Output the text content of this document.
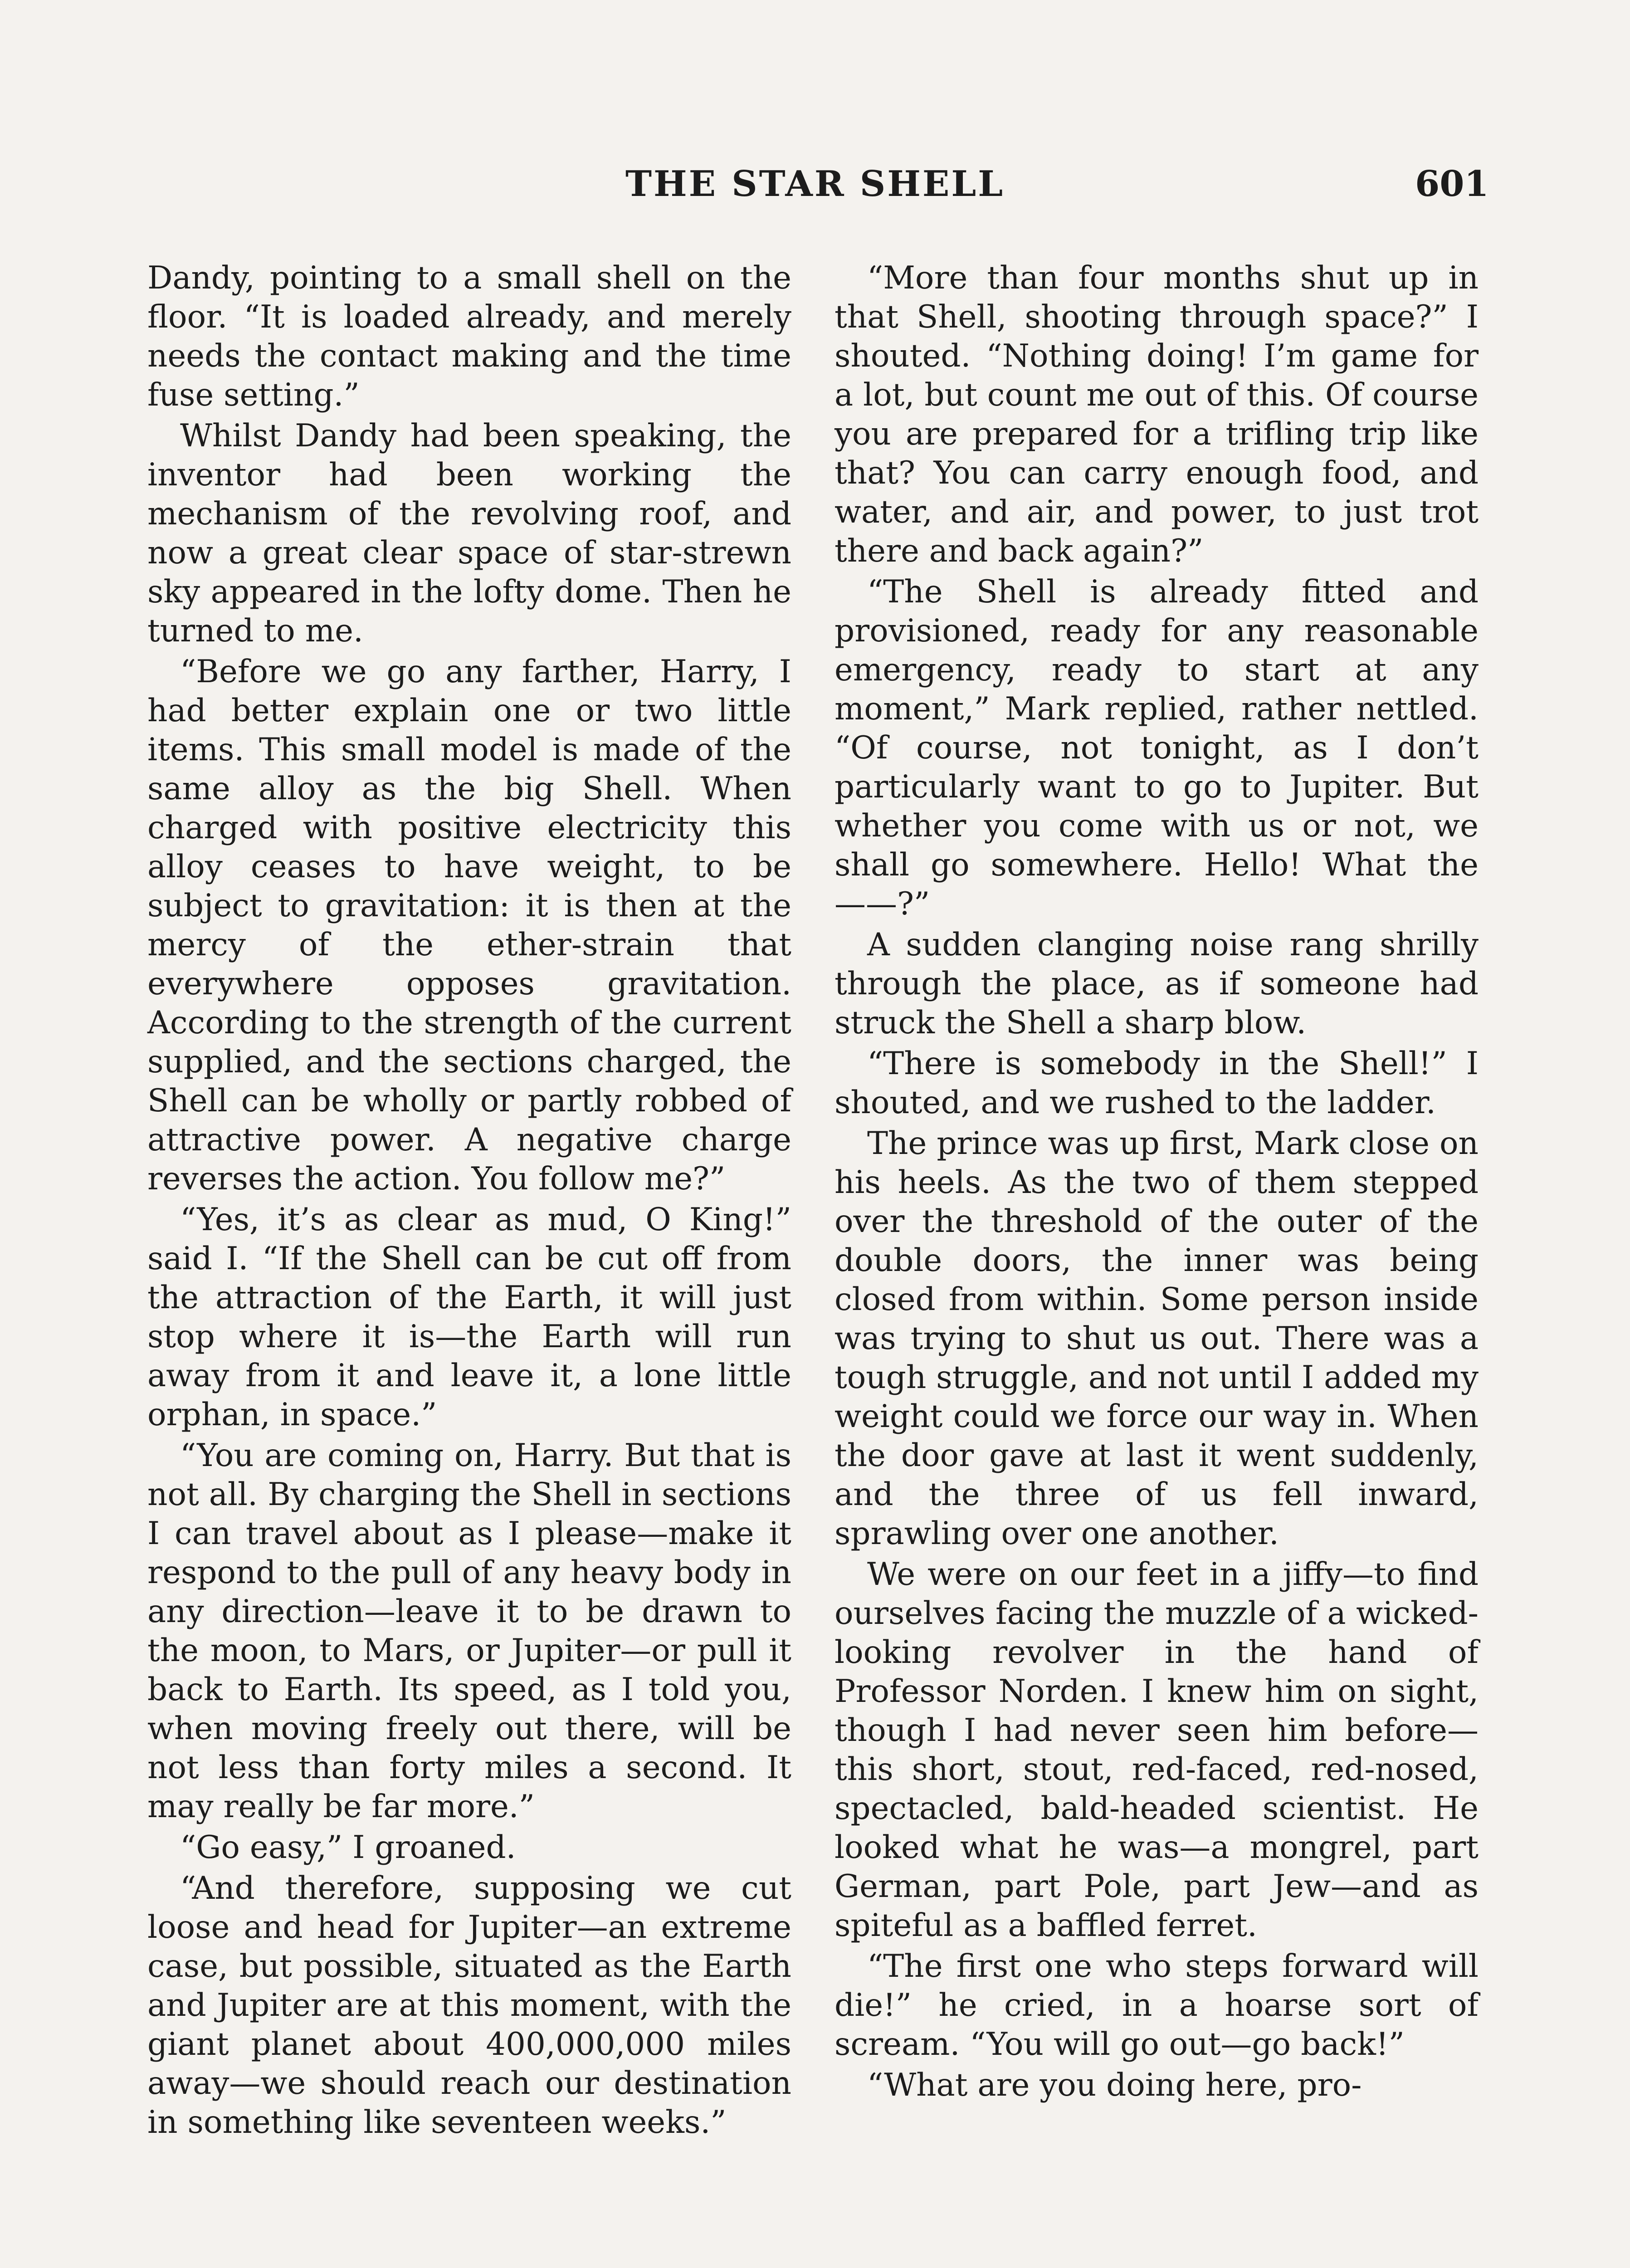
THE STAR SHELL	601

Dandy, pointing to a small shell on the floor. “It is loaded already, and merely needs the contact making and the time fuse setting.”

Whilst Dandy had been speaking, the inventor had been working the mechanism of the revolving roof, and now a great clear space of star-strewn sky appeared in the lofty dome. Then he turned to me.

“Before we go any farther, Harry, I had better explain one or two little items. This small model is made of the same alloy as the big Shell. When charged with positive electricity this alloy ceases to have weight, to be subject to gravitation: it is then at the mercy of the ether-strain that everywhere opposes gravitation. According to the strength of the current supplied, and the sections charged, the Shell can be wholly or partly robbed of attractive power. A negative charge reverses the action. You follow me?”

“Yes, it’s as clear as mud, O King!” said I. “If the Shell can be cut off from the attraction of the Earth, it will just stop where it is—the Earth will run away from it and leave it, a lone little orphan, in space.”

“You are coming on, Harry. But that is not all. By charging the Shell in sections I can travel about as I please—make it respond to the pull of any heavy body in any direction—leave it to be drawn to the moon, to Mars, or Jupiter—or pull it back to Earth. Its speed, as I told you, when moving freely out there, will be not less than forty miles a second. It may really be far more.”

“Go easy,” I groaned.

“And therefore, supposing we cut loose and head for Jupiter—an extreme case, but possible, situated as the Earth and Jupiter are at this moment, with the giant planet about 400,000,000 miles away—we should reach our destination in something like seventeen weeks.”

“More than four months shut up in that Shell, shooting through space?” I shouted. “Nothing doing! I’m game for a lot, but count me out of this. Of course you are prepared for a trifling trip like that? You can carry enough food, and water, and air, and power, to just trot there and back again?”

“The Shell is already fitted and provisioned, ready for any reasonable emergency, ready to start at any moment,” Mark replied, rather nettled. “Of course, not tonight, as I don’t particularly want to go to Jupiter. But whether you come with us or not, we shall go somewhere. Hello! What the——?”

A sudden clanging noise rang shrilly through the place, as if someone had struck the Shell a sharp blow.

“There is somebody in the Shell!” I shouted, and we rushed to the ladder.

The prince was up first, Mark close on his heels. As the two of them stepped over the threshold of the outer of the double doors, the inner was being closed from within. Some person inside was trying to shut us out. There was a tough struggle, and not until I added my weight could we force our way in. When the door gave at last it went suddenly, and the three of us fell inward, sprawling over one another.

We were on our feet in a jiffy—to find ourselves facing the muzzle of a wicked-looking revolver in the hand of Professor Norden. I knew him on sight, though I had never seen him before—this short, stout, red-faced, red-nosed, spectacled, bald-headed scientist. He looked what he was—a mongrel, part German, part Pole, part Jew—and as spiteful as a baffled ferret.

“The first one who steps forward will die!” he cried, in a hoarse sort of scream. “You will go out—go back!”

“What are you doing here, pro-
